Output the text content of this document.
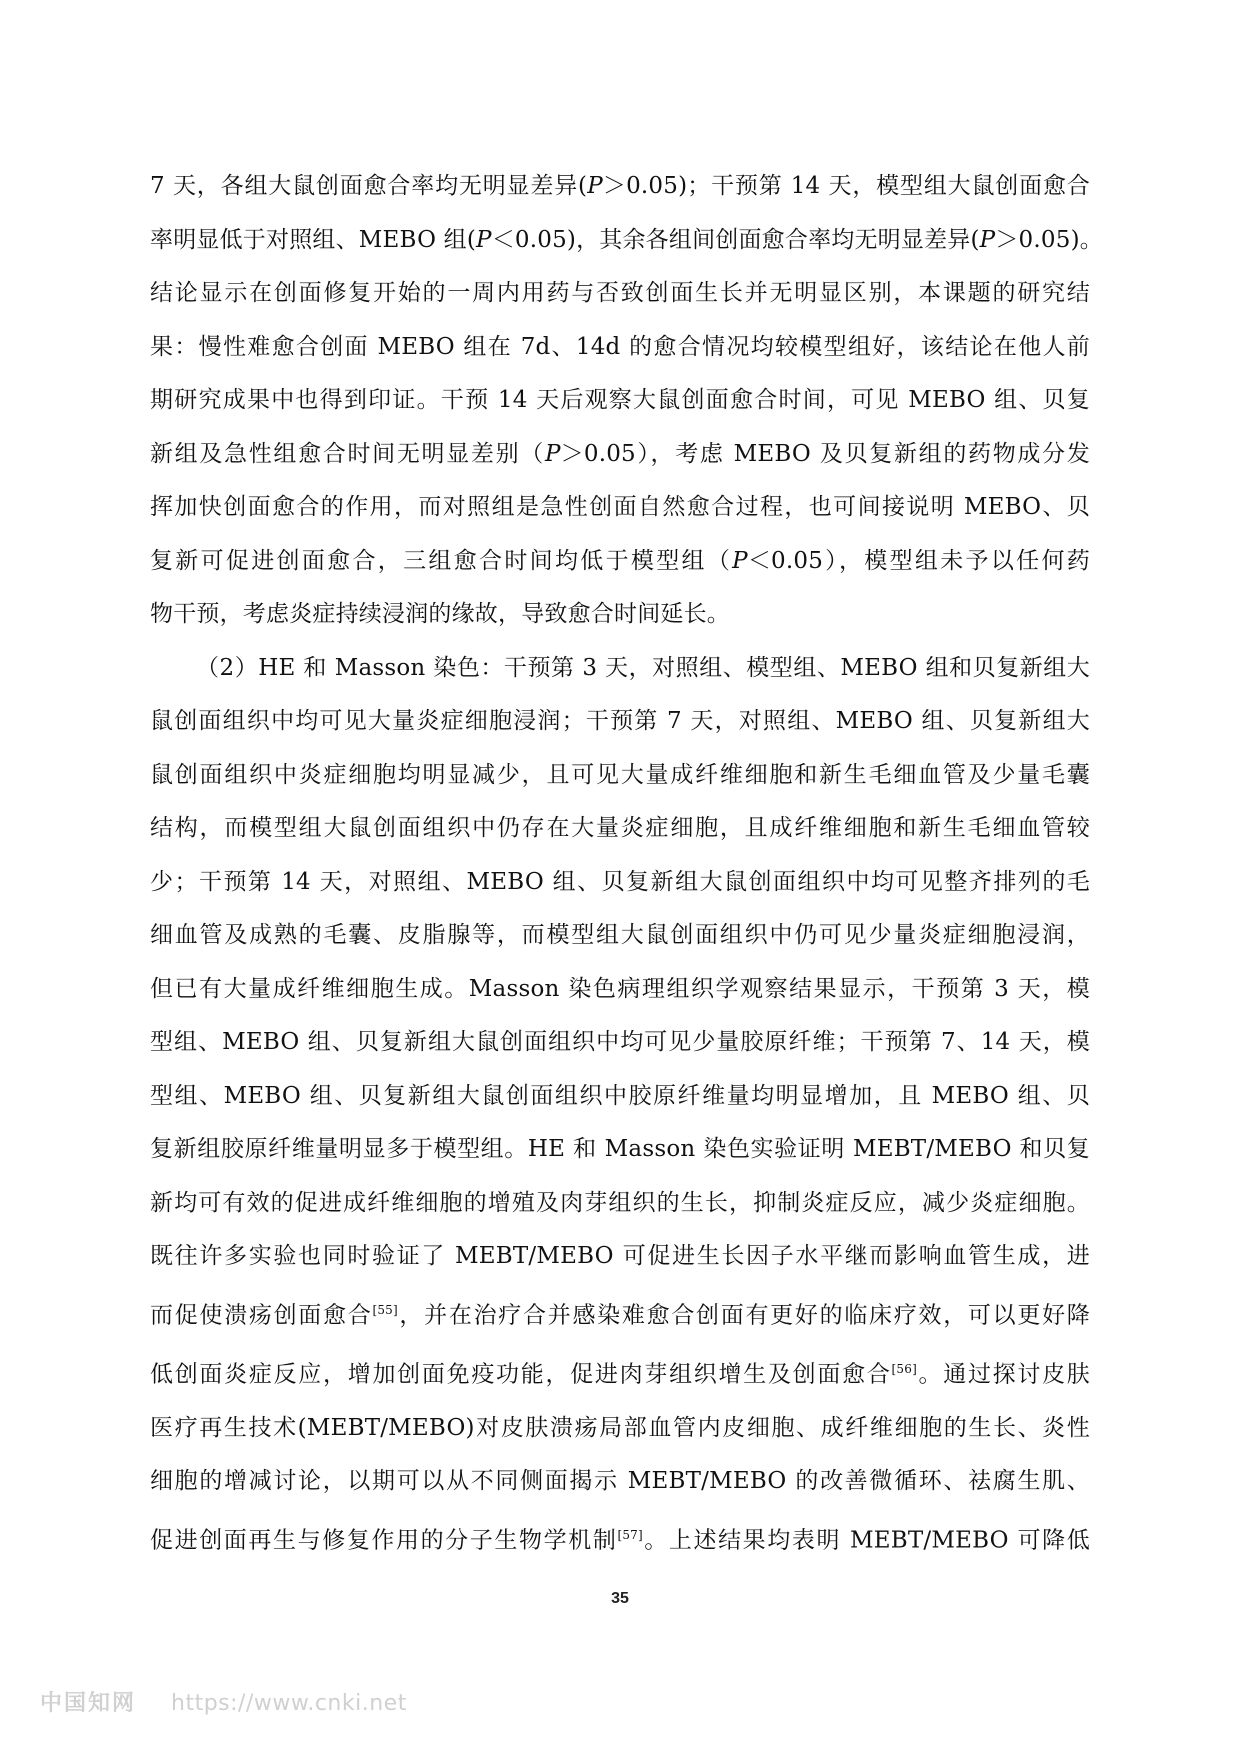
7 天，各组大鼠创面愈合率均无明显差异(P＞0.05)；干预第 14 天，模型组大鼠创面愈合
率明显低于对照组、MEBO 组(P＜0.05)，其余各组间创面愈合率均无明显差异(P＞0.05)。
结论显示在创面修复开始的一周内用药与否致创面生长并无明显区别，本课题的研究结
果：慢性难愈合创面 MEBO 组在 7d、14d 的愈合情况均较模型组好，该结论在他人前
期研究成果中也得到印证。干预 14 天后观察大鼠创面愈合时间，可见 MEBO 组、贝复
新组及急性组愈合时间无明显差别（P＞0.05），考虑 MEBO 及贝复新组的药物成分发
挥加快创面愈合的作用，而对照组是急性创面自然愈合过程，也可间接说明 MEBO、贝
复新可促进创面愈合，三组愈合时间均低于模型组（P＜0.05），模型组未予以任何药
物干预，考虑炎症持续浸润的缘故，导致愈合时间延长。

（2）HE 和 Masson 染色：干预第 3 天，对照组、模型组、MEBO 组和贝复新组大
鼠创面组织中均可见大量炎症细胞浸润；干预第 7 天，对照组、MEBO 组、贝复新组大
鼠创面组织中炎症细胞均明显减少，且可见大量成纤维细胞和新生毛细血管及少量毛囊
结构，而模型组大鼠创面组织中仍存在大量炎症细胞，且成纤维细胞和新生毛细血管较
少；干预第 14 天，对照组、MEBO 组、贝复新组大鼠创面组织中均可见整齐排列的毛
细血管及成熟的毛囊、皮脂腺等，而模型组大鼠创面组织中仍可见少量炎症细胞浸润，
但已有大量成纤维细胞生成。Masson 染色病理组织学观察结果显示，干预第 3 天，模
型组、MEBO 组、贝复新组大鼠创面组织中均可见少量胶原纤维；干预第 7、14 天，模
型组、MEBO 组、贝复新组大鼠创面组织中胶原纤维量均明显增加，且 MEBO 组、贝
复新组胶原纤维量明显多于模型组。HE 和 Masson 染色实验证明 MEBT/MEBO 和贝复
新均可有效的促进成纤维细胞的增殖及肉芽组织的生长，抑制炎症反应，减少炎症细胞。
既往许多实验也同时验证了 MEBT/MEBO 可促进生长因子水平继而影响血管生成，进
而促使溃疡创面愈合[55]，并在治疗合并感染难愈合创面有更好的临床疗效，可以更好降
低创面炎症反应，增加创面免疫功能，促进肉芽组织增生及创面愈合[56]。通过探讨皮肤
医疗再生技术(MEBT/MEBO)对皮肤溃疡局部血管内皮细胞、成纤维细胞的生长、炎性
细胞的增减讨论，以期可以从不同侧面揭示 MEBT/MEBO 的改善微循环、祛腐生肌、
促进创面再生与修复作用的分子生物学机制[57]。上述结果均表明 MEBT/MEBO 可降低

35
中国知网 https://www.cnki.net
